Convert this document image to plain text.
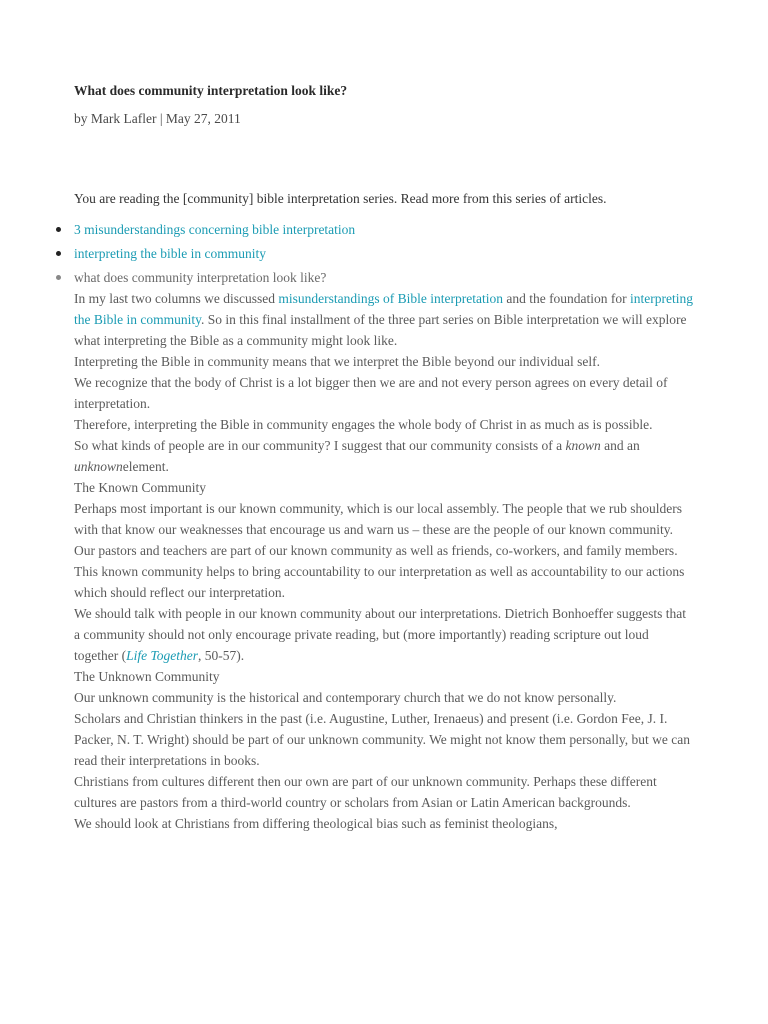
What does community interpretation look like?
by Mark Lafler | May 27, 2011
You are reading the [community] bible interpretation series. Read more from this series of articles.
3 misunderstandings concerning bible interpretation
interpreting the bible in community
what does community interpretation look like?

In my last two columns we discussed misunderstandings of Bible interpretation and the foundation for interpreting the Bible in community. So in this final installment of the three part series on Bible interpretation we will explore what interpreting the Bible as a community might look like.

Interpreting the Bible in community means that we interpret the Bible beyond our individual self.

We recognize that the body of Christ is a lot bigger then we are and not every person agrees on every detail of interpretation.

Therefore, interpreting the Bible in community engages the whole body of Christ in as much as is possible.

So what kinds of people are in our community? I suggest that our community consists of a known and an unknownelement.

The Known Community

Perhaps most important is our known community, which is our local assembly. The people that we rub shoulders with that know our weaknesses that encourage us and warn us – these are the people of our known community.

Our pastors and teachers are part of our known community as well as friends, co-workers, and family members.

This known community helps to bring accountability to our interpretation as well as accountability to our actions which should reflect our interpretation.

We should talk with people in our known community about our interpretations. Dietrich Bonhoeffer suggests that a community should not only encourage private reading, but (more importantly) reading scripture out loud together (Life Together, 50-57).

The Unknown Community

Our unknown community is the historical and contemporary church that we do not know personally.

Scholars and Christian thinkers in the past (i.e. Augustine, Luther, Irenaeus) and present (i.e. Gordon Fee, J. I. Packer, N. T. Wright) should be part of our unknown community. We might not know them personally, but we can read their interpretations in books.

Christians from cultures different then our own are part of our unknown community. Perhaps these different cultures are pastors from a third-world country or scholars from Asian or Latin American backgrounds.

We should look at Christians from differing theological bias such as feminist theologians,
